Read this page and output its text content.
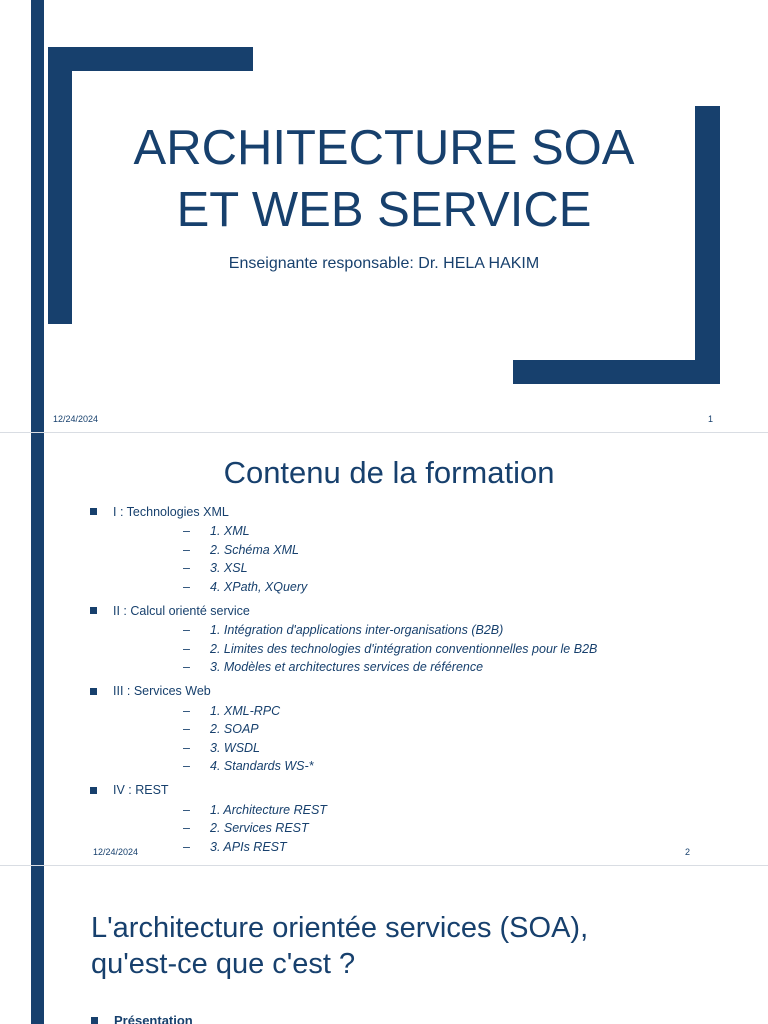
ARCHITECTURE SOA
ET WEB SERVICE
Enseignante responsable: Dr. HELA HAKIM
12/24/2024	1
Contenu de la formation
I : Technologies XML
–	1. XML
–	2. Schéma XML
–	3. XSL
–	4. XPath, XQuery
II : Calcul orienté service
–	1. Intégration d'applications inter-organisations (B2B)
–	2. Limites des technologies d'intégration conventionnelles pour le B2B
–	3. Modèles et architectures services de référence
III : Services Web
–	1. XML-RPC
–	2. SOAP
–	3. WSDL
–	4. Standards WS-*
IV : REST
–	1. Architecture REST
–	2. Services REST
–	3. APIs REST
12/24/2024	2
L'architecture orientée services (SOA),
qu'est-ce que c'est ?
Présentation
